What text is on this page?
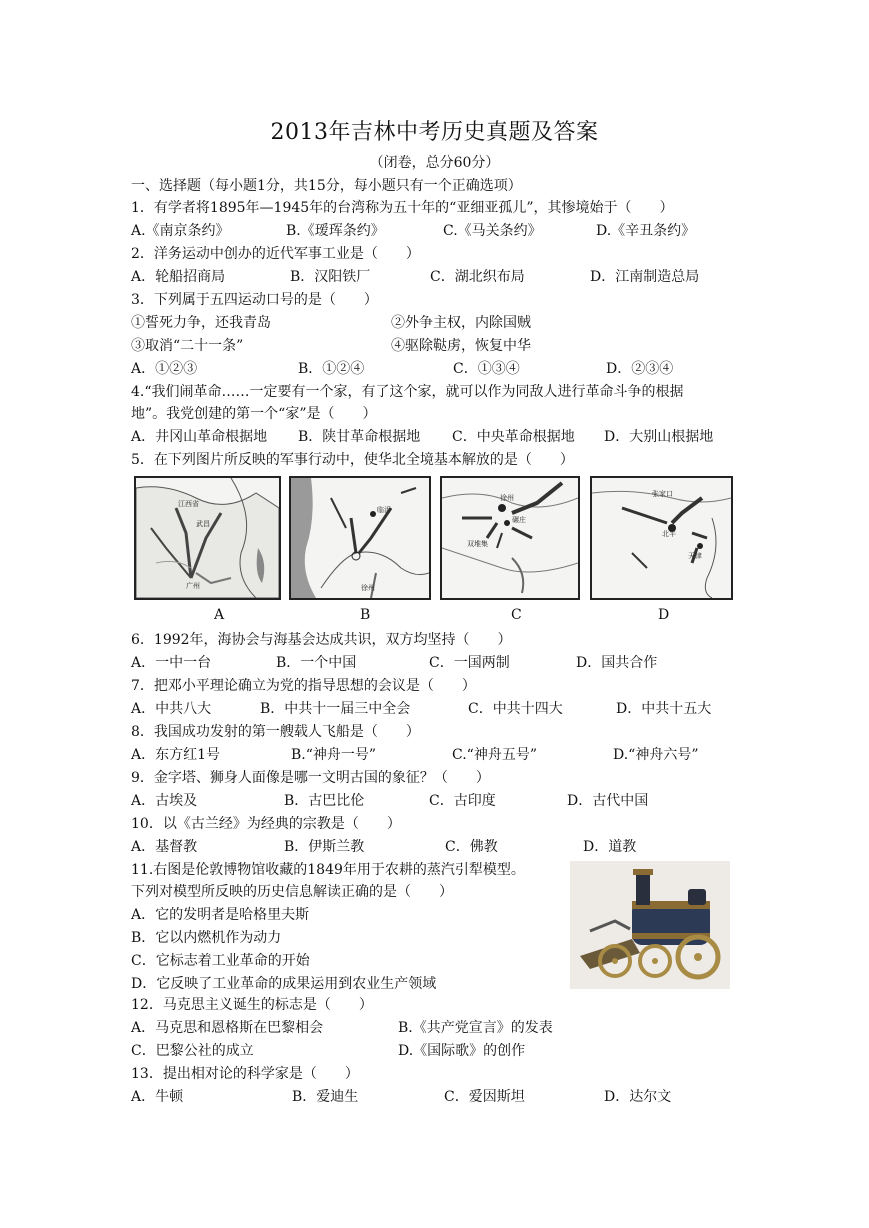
2013年吉林中考历史真题及答案
（闭卷，总分60分）
一、选择题（每小题1分，共15分，每小题只有一个正确选项）
1．有学者将1895年—1945年的台湾称为五十年的“亚细亚孤儿”，其惨境始于（　　）
A.《南京条约》	B.《瑷珲条约》	C.《马关条约》	D.《辛丑条约》
2．洋务运动中创办的近代军事工业是（　　）
A．轮船招商局	B．汉阳铁厂	C．湖北织布局	D．江南制造总局
3．下列属于五四运动口号的是（　　）
①誓死力争，还我青岛	②外争主权，内除国贼
③取消“二十一条”	④驱除鞑虏，恢复中华
A．①②③	B．①②④	C．①③④	D．②③④
4.“我们闹革命……一定要有一个家，有了这个家，就可以作为同敌人进行革命斗争的根据
地”。我党创建的第一个“家”是（　　）
A．井冈山革命根据地 B．陕甘革命根据地 C．中央革命根据地 D．大别山根据地
5．在下列图片所反映的军事行动中，使华北全境基本解放的是（　　）
江西省
武昌
广州
临沂
徐州
徐州
碾庄
双堆集
张家口
北平
天津
A	B	C	D
6．1992年，海协会与海基会达成共识，双方均坚持（　　）
A．一中一台	B．一个中国	C．一国两制	D．国共合作
7．把邓小平理论确立为党的指导思想的会议是（　　）
A．中共八大	B．中共十一届三中全会	C．中共十四大	D．中共十五大
8．我国成功发射的第一艘载人飞船是（　　）
A．东方红1号	B.“神舟一号”	C.“神舟五号”	D.“神舟六号”
9．金字塔、狮身人面像是哪一文明古国的象征？（　　）
A．古埃及	B．古巴比伦	C．古印度	D．古代中国
10．以《古兰经》为经典的宗教是（　　）
A．基督教	B．伊斯兰教	C．佛教	D．道教
11.右图是伦敦博物馆收藏的1849年用于农耕的蒸汽引犁模型。
下列对模型所反映的历史信息解读正确的是（　　）
A．它的发明者是哈格里夫斯
B．它以内燃机作为动力
C．它标志着工业革命的开始
D．它反映了工业革命的成果运用到农业生产领域
12．马克思主义诞生的标志是（　　）
A．马克思和恩格斯在巴黎相会	B.《共产党宣言》的发表
C．巴黎公社的成立	D.《国际歌》的创作
13．提出相对论的科学家是（　　）
A．牛顿	B．爱迪生	C．爱因斯坦	D．达尔文
